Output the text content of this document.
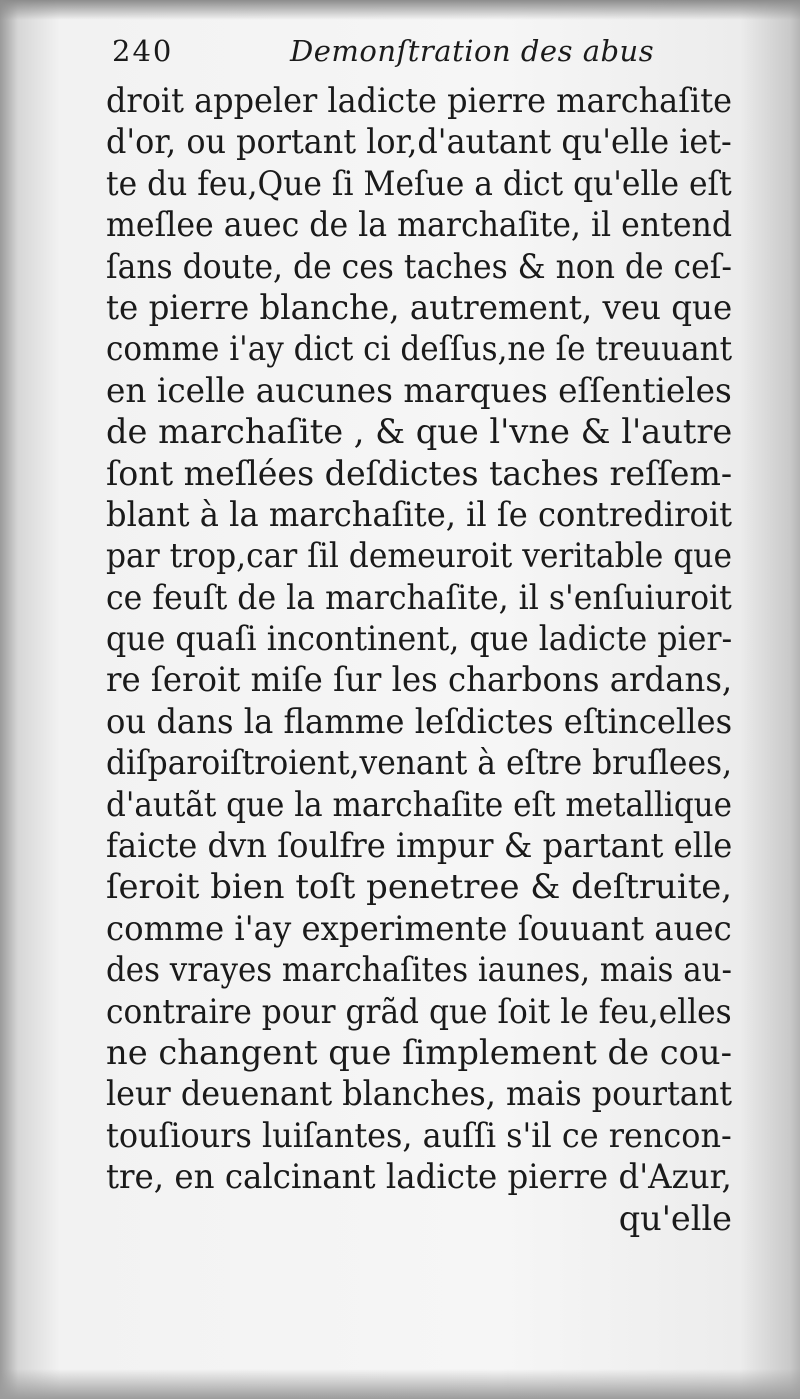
240	Demonſtration des abus
droit appeler ladicte pierre marchaſite
d'or, ou portant lor,d'autant qu'elle iet-
te du feu,Que ſi Meſue a dict qu'elle eſt
meſlee auec de la marchaſite, il entend
ſans doute, de ces taches & non de ceſ-
te pierre blanche, autrement, veu que
comme i'ay dict ci deſſus,ne ſe treuuant
en icelle aucunes marques eſſentieles
de marchaſite , & que l'vne & l'autre
ſont meſlées deſdictes taches reſſem-
blant à la marchaſite, il ſe contrediroit
par trop,car ſil demeuroit veritable que
ce feuſt de la marchaſite, il s'enſuiuroit
que quaſi incontinent, que ladicte pier-
re ſeroit miſe ſur les charbons ardans,
ou dans la flamme leſdictes eſtincelles
diſparoiſtroient,venant à eſtre bruſlees,
d'autãt que la marchaſite eſt metallique
faicte dvn ſoulfre impur & partant elle
ſeroit bien toſt penetree & deſtruite,
comme i'ay experimente ſouuant auec
des vrayes marchaſites iaunes, mais au-
contraire pour grãd que ſoit le feu,elles
ne changent que ſimplement de cou-
leur deuenant blanches, mais pourtant
touſiours luiſantes, auſſi s'il ce rencon-
tre, en calcinant ladicte pierre d'Azur,
qu'elle
